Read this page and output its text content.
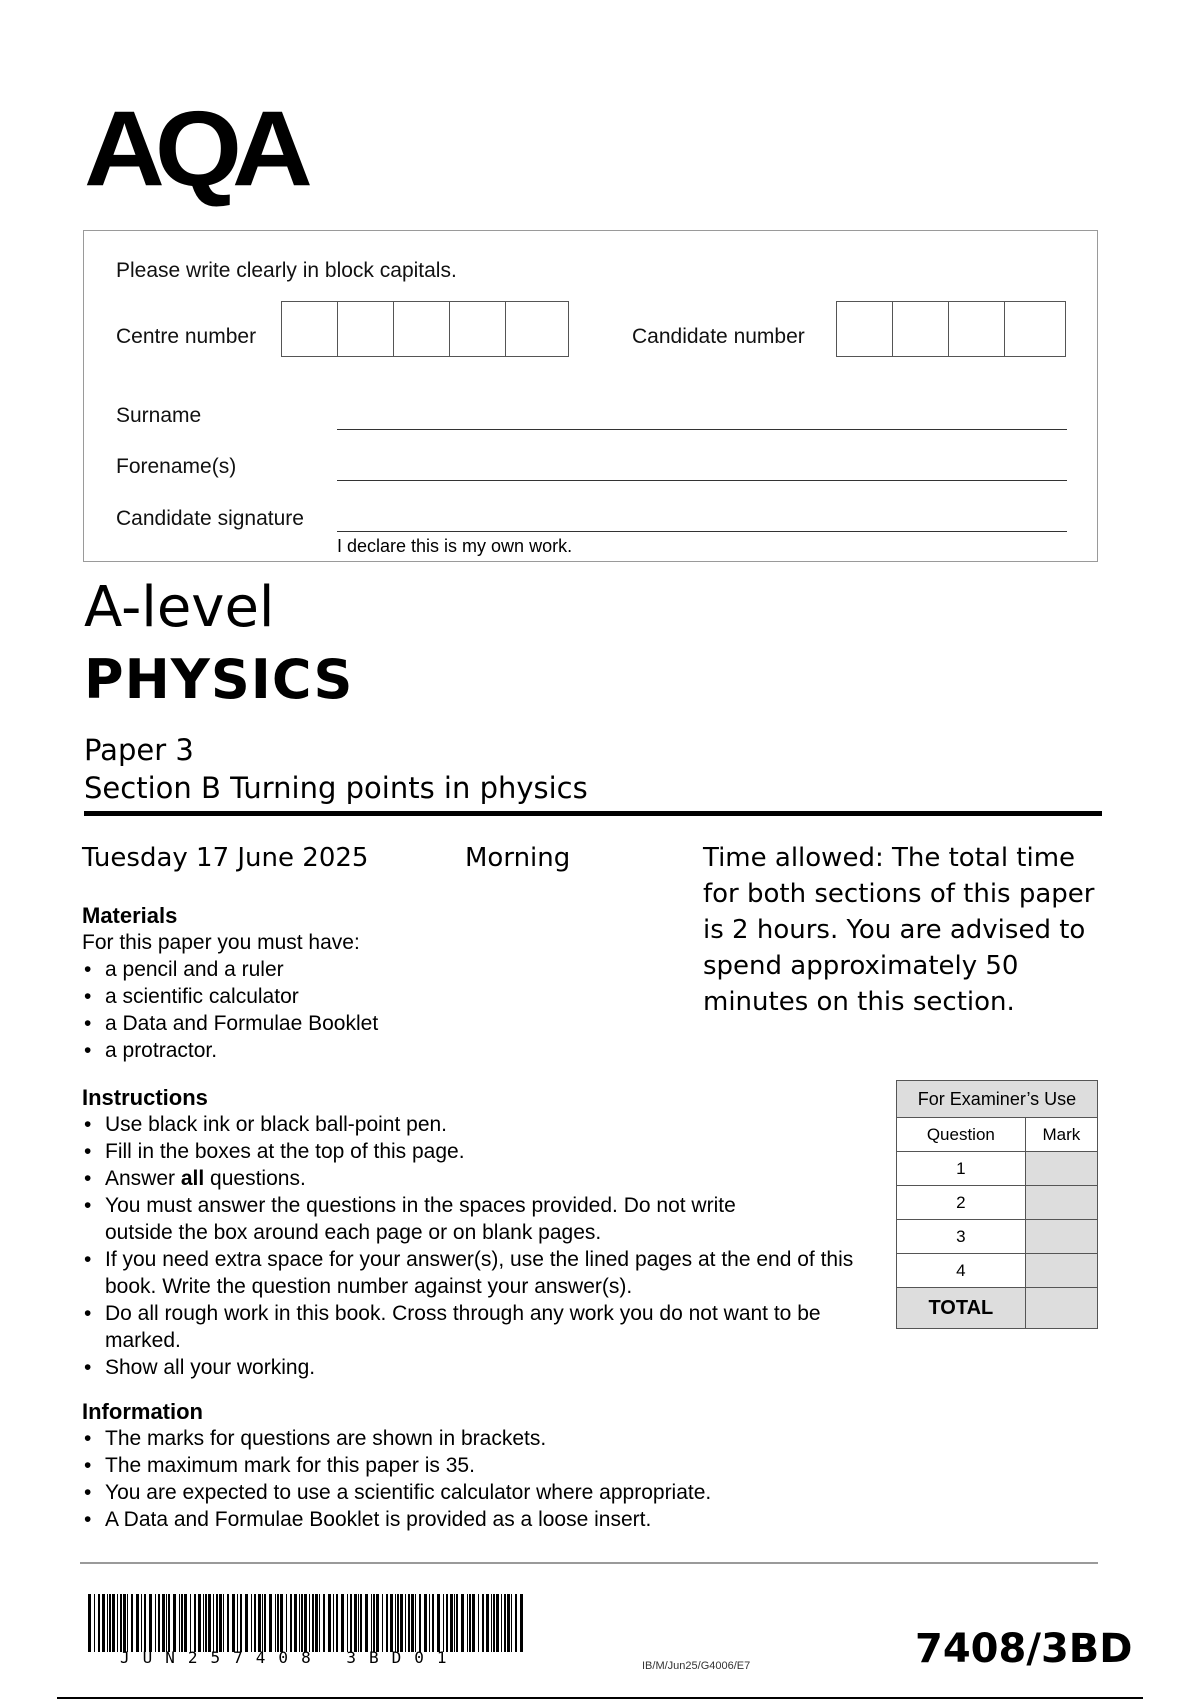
AQA
Please write clearly in block capitals.
Centre number	Candidate number
Surname
Forename(s)
Candidate signature
I declare this is my own work.
A-level
PHYSICS
Paper 3
Section B Turning points in physics
Tuesday 17 June 2025	Morning	Time allowed: The total time for both sections of this paper is 2 hours. You are advised to spend approximately 50 minutes on this section.
Materials
For this paper you must have:
• a pencil and a ruler
• a scientific calculator
• a Data and Formulae Booklet
• a protractor.
Instructions
• Use black ink or black ball-point pen.
• Fill in the boxes at the top of this page.
• Answer all questions.
• You must answer the questions in the spaces provided. Do not write outside the box around each page or on blank pages.
• If you need extra space for your answer(s), use the lined pages at the end of this book. Write the question number against your answer(s).
• Do all rough work in this book. Cross through any work you do not want to be marked.
• Show all your working.
For Examiner’s Use	
Question	Mark
1	
2	
3	
4	
TOTAL	
Information
• The marks for questions are shown in brackets.
• The maximum mark for this paper is 35.
• You are expected to use a scientific calculator where appropriate.
• A Data and Formulae Booklet is provided as a loose insert.
JUN257408 3BD01	IB/M/Jun25/G4006/E7	7408/3BD
